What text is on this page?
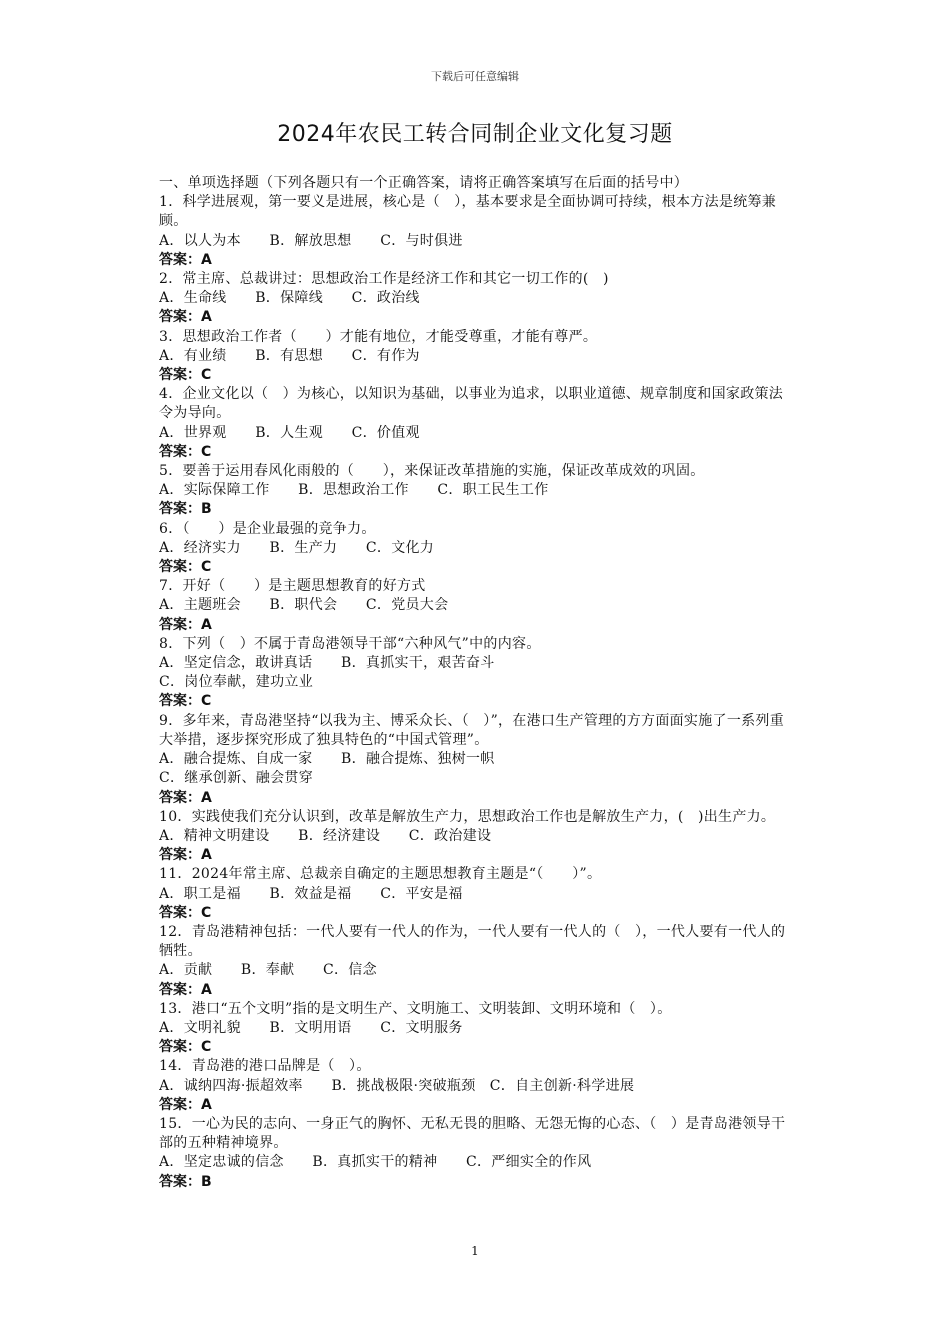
下载后可任意编辑
2024年农民工转合同制企业文化复习题
一、单项选择题（下列各题只有一个正确答案，请将正确答案填写在后面的括号中）
1．科学进展观，第一要义是进展，核心是（　），基本要求是全面协调可持续，根本方法是统筹兼顾。
A．以人为本　　B．解放思想　　C．与时俱进
答案：A
2．常主席、总裁讲过：思想政治工作是经济工作和其它一切工作的(　)
A．生命线　　B．保障线　　C．政治线
答案：A
3．思想政治工作者（　　）才能有地位，才能受尊重，才能有尊严。
A．有业绩　　B．有思想　　C．有作为
答案：C
4．企业文化以（　）为核心，以知识为基础，以事业为追求，以职业道德、规章制度和国家政策法令为导向。
A．世界观　　B．人生观　　C．价值观
答案：C
5．要善于运用春风化雨般的（　　），来保证改革措施的实施，保证改革成效的巩固。
A．实际保障工作　　B．思想政治工作　　C．职工民生工作
答案：B
6．（　　）是企业最强的竞争力。
A．经济实力　　B．生产力　　C．文化力
答案：C
7．开好（　　）是主题思想教育的好方式
A．主题班会　　B．职代会　　C．党员大会
答案：A
8．下列（　）不属于青岛港领导干部“六种风气”中的内容。
A．坚定信念，敢讲真话　　B．真抓实干，艰苦奋斗
C．岗位奉献，建功立业
答案：C
9．多年来，青岛港坚持“以我为主、博采众长、（　）”，在港口生产管理的方方面面实施了一系列重大举措，逐步探究形成了独具特色的“中国式管理”。
A．融合提炼、自成一家　　B．融合提炼、独树一帜
C．继承创新、融会贯穿
答案：A
10．实践使我们充分认识到，改革是解放生产力，思想政治工作也是解放生产力，(　)出生产力。
A．精神文明建设　　B．经济建设　　C．政治建设
答案：A
11．2024年常主席、总裁亲自确定的主题思想教育主题是“（　　）”。
A．职工是福　　B．效益是福　　C．平安是福
答案：C
12．青岛港精神包括：一代人要有一代人的作为，一代人要有一代人的（　），一代人要有一代人的牺牲。
A．贡献　　B．奉献　　C．信念
答案：A
13．港口“五个文明”指的是文明生产、文明施工、文明装卸、文明环境和（　）。
A．文明礼貌　　B．文明用语　　C．文明服务
答案：C
14．青岛港的港口品牌是（　）。
A．诚纳四海·振超效率　　B．挑战极限·突破瓶颈　C．自主创新·科学进展
答案：A
15．一心为民的志向、一身正气的胸怀、无私无畏的胆略、无怨无悔的心态、（　）是青岛港领导干部的五种精神境界。
A．坚定忠诚的信念　　B．真抓实干的精神　　C．严细实全的作风
答案：B
1
